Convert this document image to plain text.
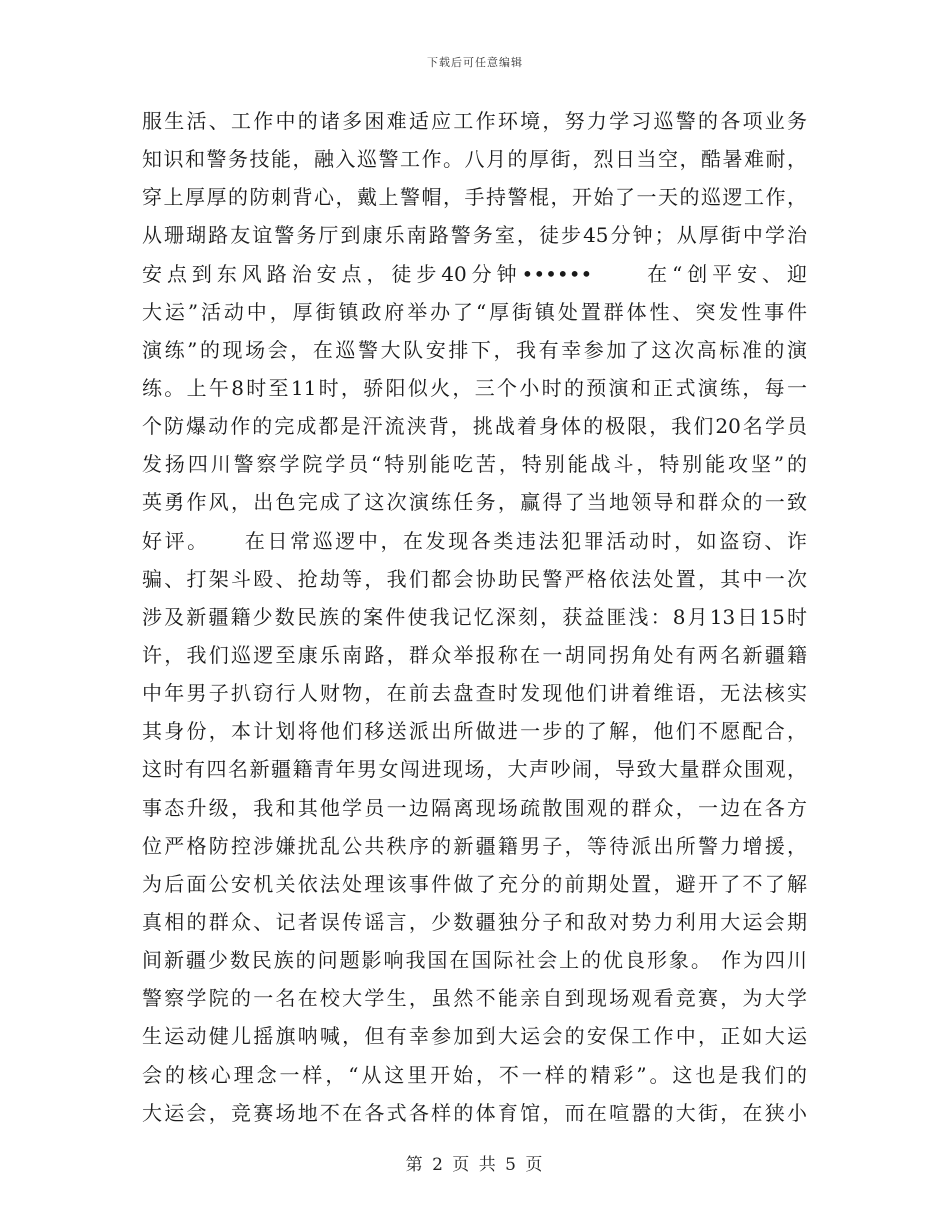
下载后可任意编辑
服生活、工作中的诸多困难适应工作环境，努力学习巡警的各项业务
知识和警务技能，融入巡警工作。八月的厚街，烈日当空，酷暑难耐，
穿上厚厚的防刺背心，戴上警帽，手持警棍，开始了一天的巡逻工作，
从珊瑚路友谊警务厅到康乐南路警务室，徒步45分钟；从厚街中学治
安点到东风路治安点，徒步40分钟••••••　　在“创平安、迎
大运”活动中，厚街镇政府举办了“厚街镇处置群体性、突发性事件
演练”的现场会，在巡警大队安排下，我有幸参加了这次高标准的演
练。上午8时至11时，骄阳似火，三个小时的预演和正式演练，每一
个防爆动作的完成都是汗流浃背，挑战着身体的极限，我们20名学员
发扬四川警察学院学员“特别能吃苦，特别能战斗，特别能攻坚”的
英勇作风，出色完成了这次演练任务，赢得了当地领导和群众的一致
好评。　　在日常巡逻中，在发现各类违法犯罪活动时，如盗窃、诈
骗、打架斗殴、抢劫等，我们都会协助民警严格依法处置，其中一次
涉及新疆籍少数民族的案件使我记忆深刻，获益匪浅：8月13日15时
许，我们巡逻至康乐南路，群众举报称在一胡同拐角处有两名新疆籍
中年男子扒窃行人财物，在前去盘查时发现他们讲着维语，无法核实
其身份，本计划将他们移送派出所做进一步的了解，他们不愿配合，
这时有四名新疆籍青年男女闯进现场，大声吵闹，导致大量群众围观，
事态升级，我和其他学员一边隔离现场疏散围观的群众，一边在各方
位严格防控涉嫌扰乱公共秩序的新疆籍男子，等待派出所警力增援，
为后面公安机关依法处理该事件做了充分的前期处置，避开了不了解
真相的群众、记者误传谣言，少数疆独分子和敌对势力利用大运会期
间新疆少数民族的问题影响我国在国际社会上的优良形象。 作为四川
警察学院的一名在校大学生，虽然不能亲自到现场观看竞赛，为大学
生运动健儿摇旗呐喊，但有幸参加到大运会的安保工作中，正如大运
会的核心理念一样，“从这里开始，不一样的精彩”。这也是我们的
大运会，竞赛场地不在各式各样的体育馆，而在喧嚣的大街，在狭小
第 2 页 共 5 页
